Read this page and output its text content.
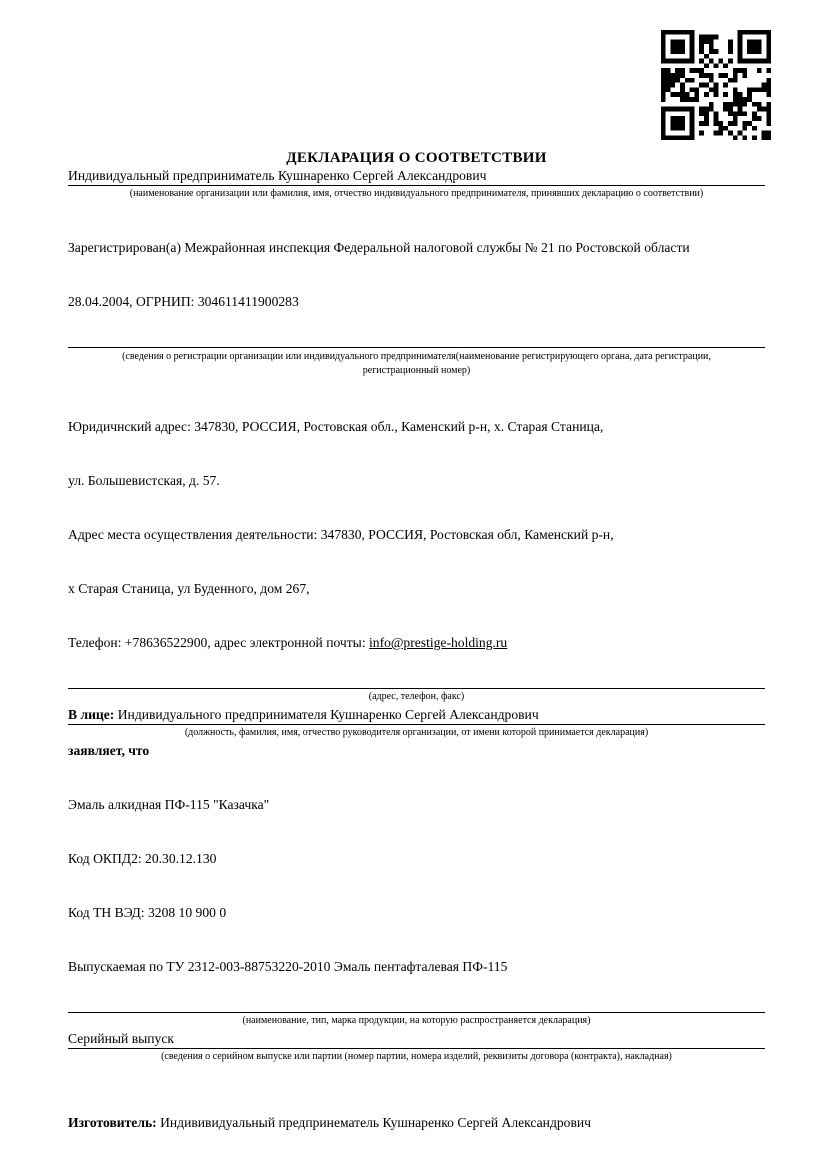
ДЕКЛАРАЦИЯ О СООТВЕТСТВИИ
Индивидуальный предприниматель Кушнаренко Сергей Александрович
(наименование организации или фамилия, имя, отчество индивидуального предпринимателя, принявших декларацию о соответствии)

Зарегистрирован(а) Межрайонная инспекция Федеральной налоговой службы № 21 по Ростовской области

28.04.2004, ОГРНИП: 304611411900283

(сведения о регистрации организации или индивидуального предпринимателя(наименование регистрирующего органа, дата регистрации, регистрационный номер)

Юридичнский адрес: 347830, РОССИЯ, Ростовская обл., Каменский р-н, х. Старая Станица,

ул. Большевистская, д. 57.

Адрес места осуществления деятельности: 347830, РОССИЯ, Ростовская обл, Каменский р-н,

х Старая Станица, ул Буденного, дом 267,

Телефон: +78636522900, адрес электронной почты: info@prestige-holding.ru

(адрес, телефон, факс)
В лице: Индивидуального предпринимателя Кушнаренко Сергей Александрович
(должность, фамилия, имя, отчество руководителя организации, от имени которой принимается декларация)
заявляет, что

Эмаль алкидная ПФ-115 "Казачка"

Код ОКПД2: 20.30.12.130

Код ТН ВЭД: 3208 10 900 0

Выпускаемая по ТУ 2312-003-88753220-2010 Эмаль пентафталевая ПФ-115

(наименование, тип, марка продукции, на которую распространяется декларация)
Серийный выпуск
(сведения о серийном выпуске или партии (номер партии, номера изделий, реквизиты договора (контракта), накладная)

Изготовитель: Индививидуальный предпринематель Кушнаренко Сергей Александрович
